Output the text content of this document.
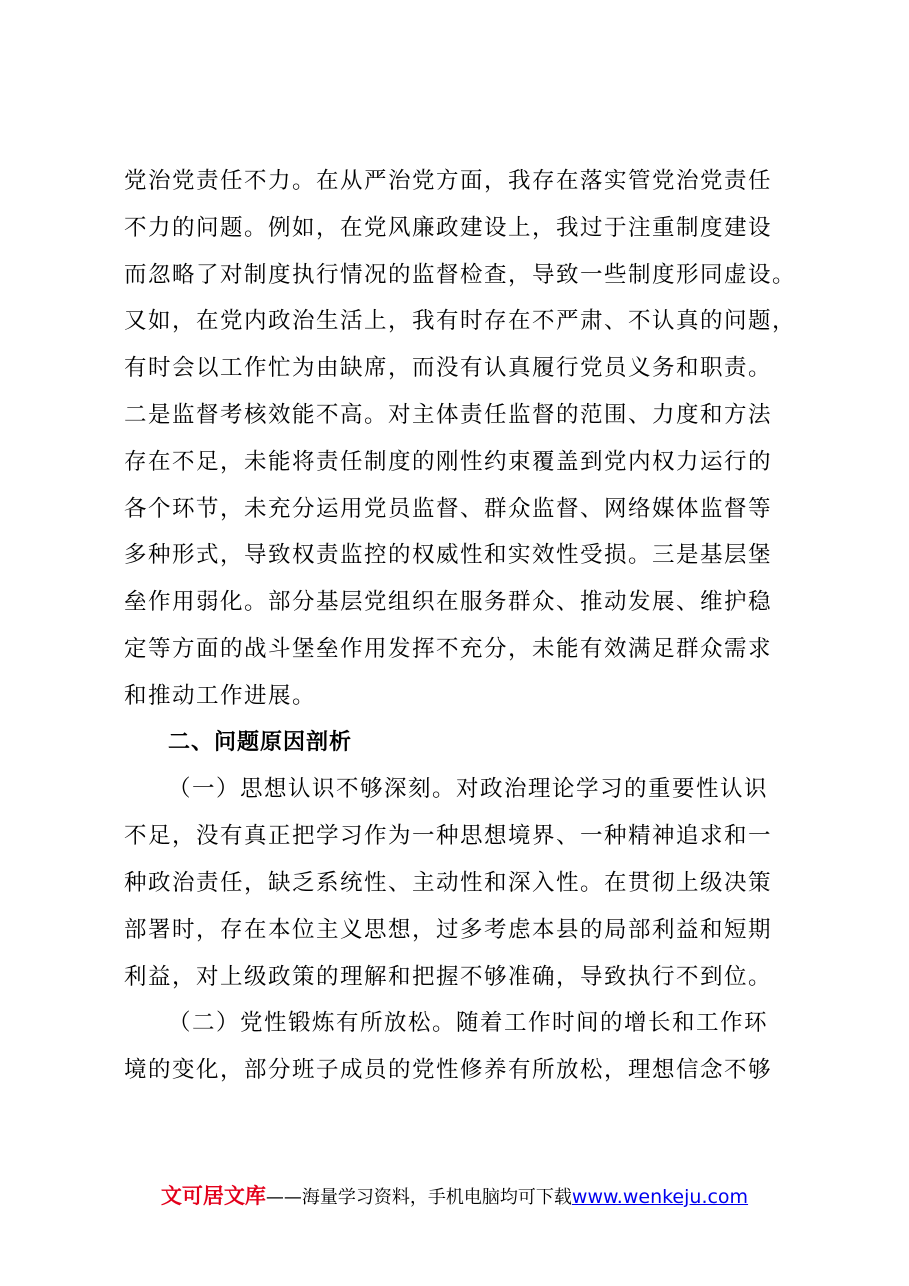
党治党责任不力。在从严治党方面，我存在落实管党治党责任
不力的问题。例如，在党风廉政建设上，我过于注重制度建设
而忽略了对制度执行情况的监督检查，导致一些制度形同虚设。
又如，在党内政治生活上，我有时存在不严肃、不认真的问题，
有时会以工作忙为由缺席，而没有认真履行党员义务和职责。
二是监督考核效能不高。对主体责任监督的范围、力度和方法
存在不足，未能将责任制度的刚性约束覆盖到党内权力运行的
各个环节，未充分运用党员监督、群众监督、网络媒体监督等
多种形式，导致权责监控的权威性和实效性受损。三是基层堡
垒作用弱化。部分基层党组织在服务群众、推动发展、维护稳
定等方面的战斗堡垒作用发挥不充分，未能有效满足群众需求
和推动工作进展。
二、问题原因剖析
（一）思想认识不够深刻。对政治理论学习的重要性认识
不足，没有真正把学习作为一种思想境界、一种精神追求和一
种政治责任，缺乏系统性、主动性和深入性。在贯彻上级决策
部署时，存在本位主义思想，过多考虑本县的局部利益和短期
利益，对上级政策的理解和把握不够准确，导致执行不到位。
（二）党性锻炼有所放松。随着工作时间的增长和工作环
境的变化，部分班子成员的党性修养有所放松，理想信念不够
文可居文库——海量学习资料，手机电脑均可下载www.wenkeju.com
